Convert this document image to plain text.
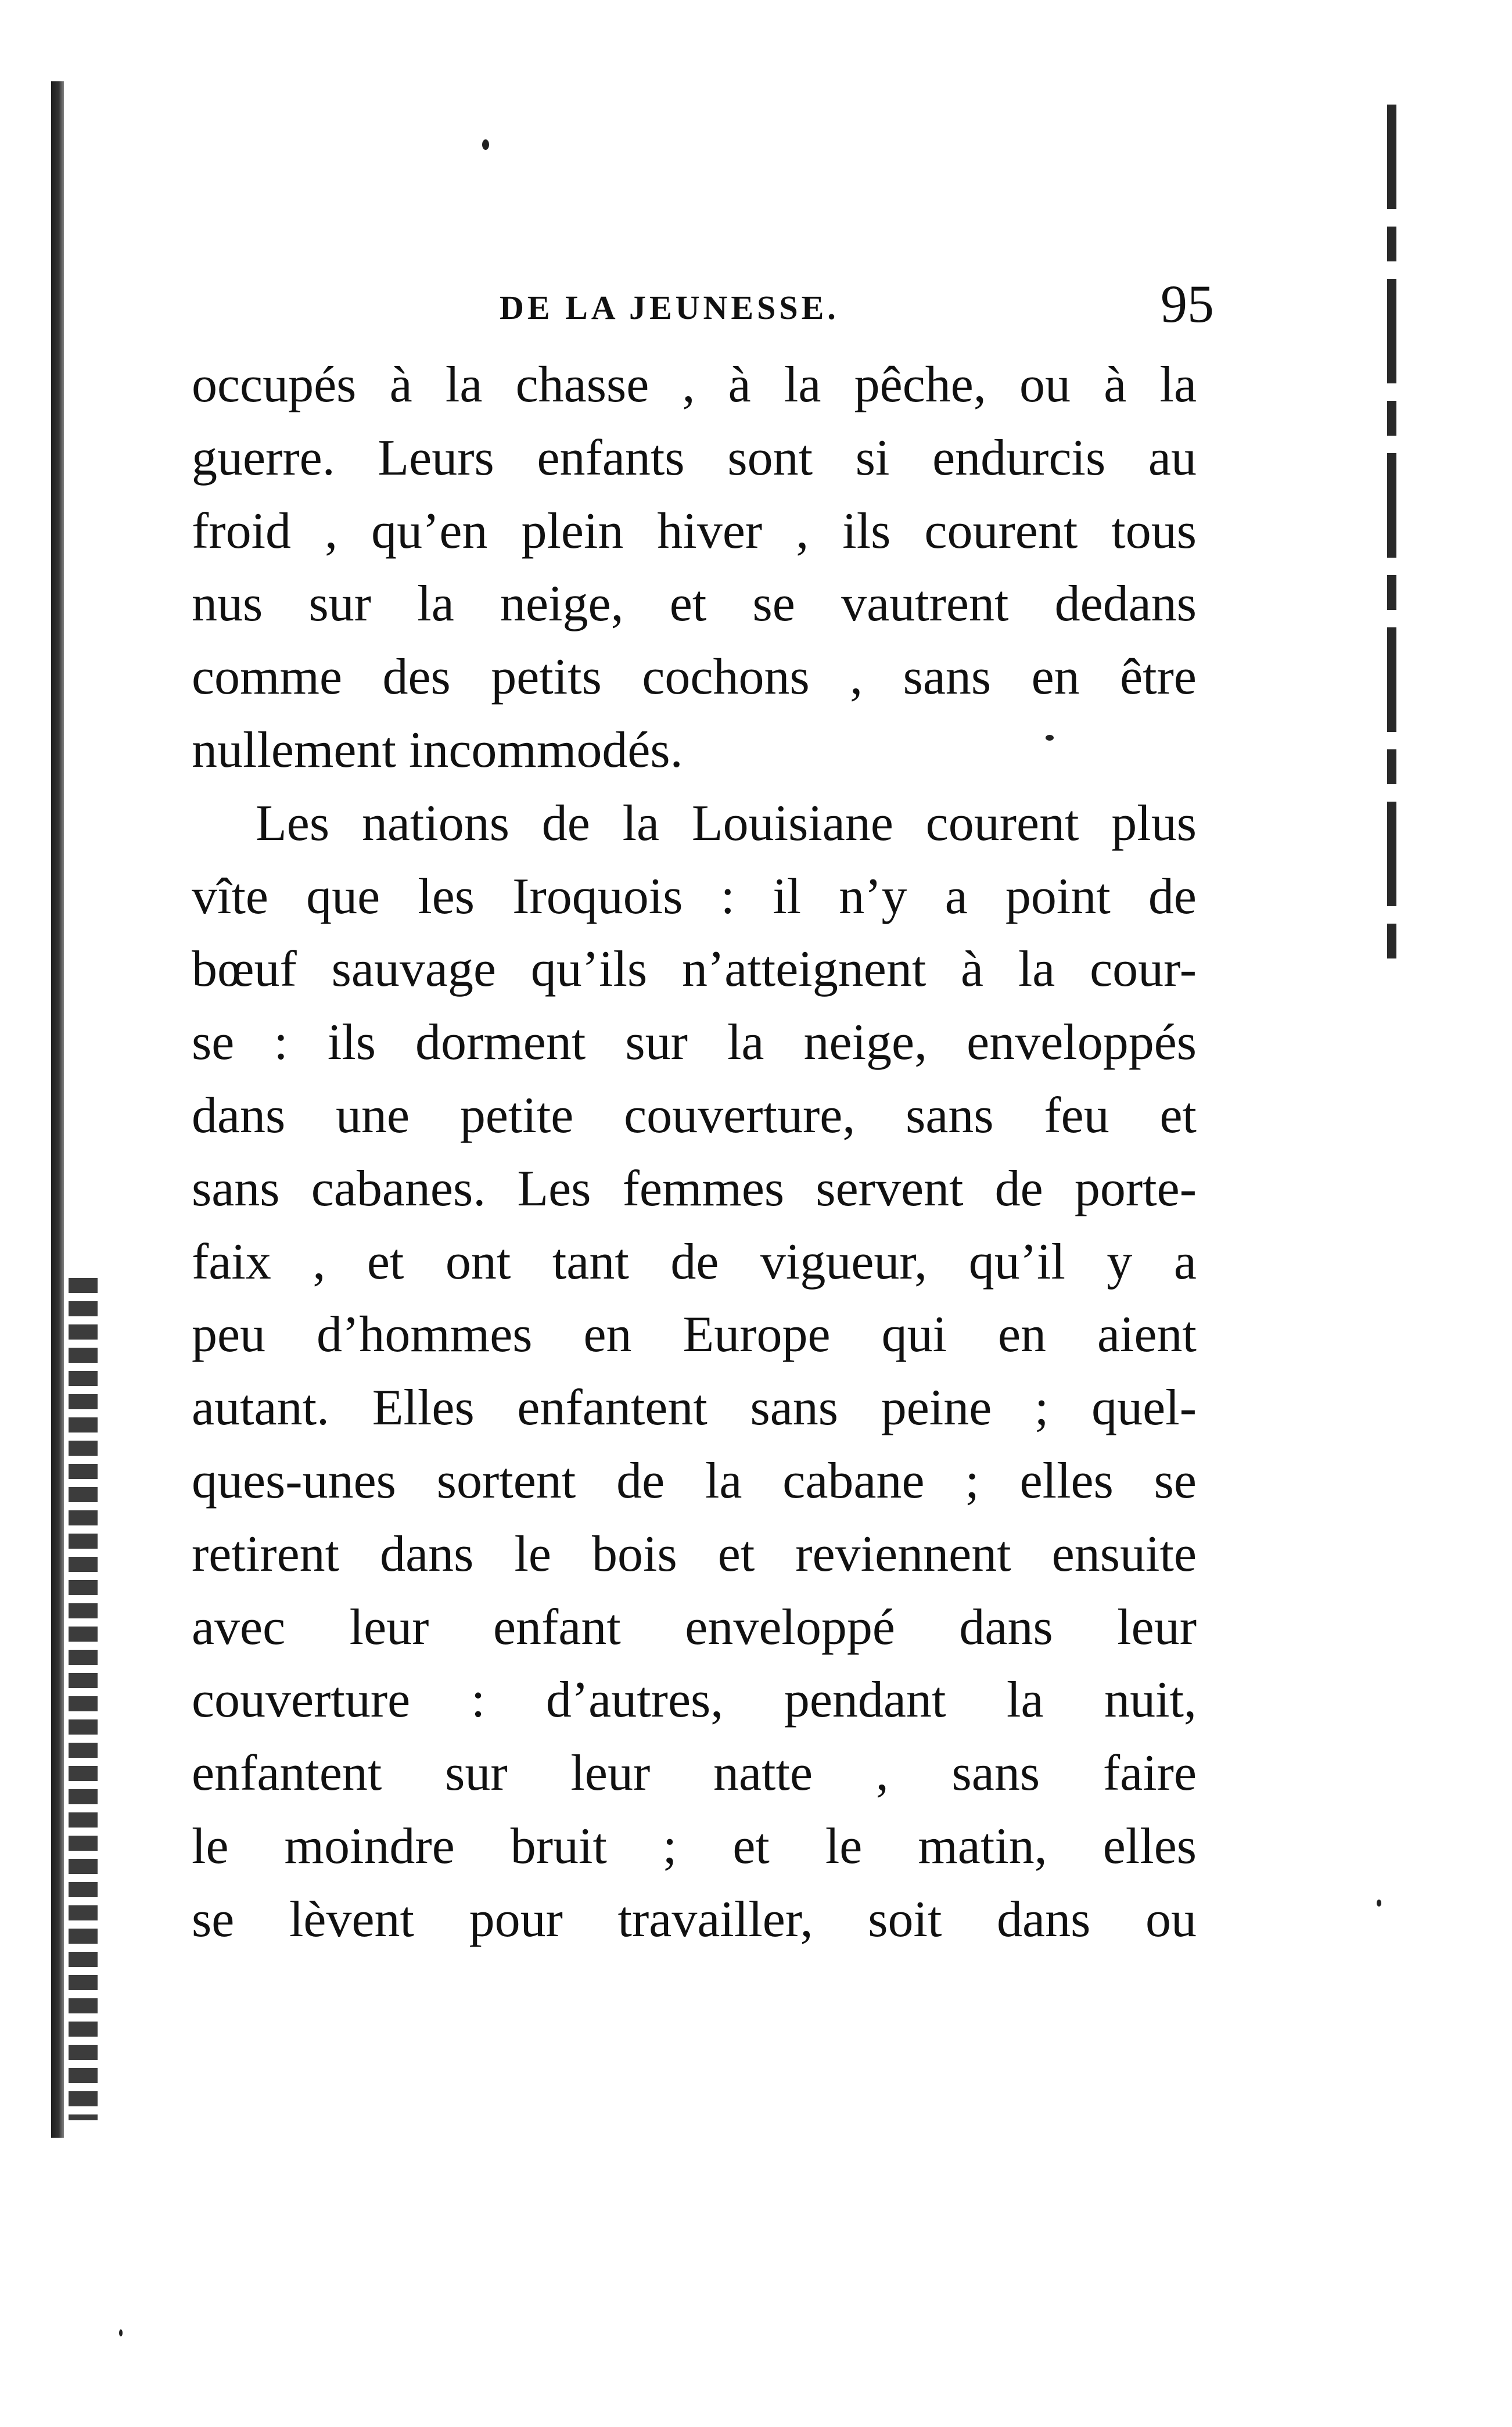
DE LA JEUNESSE.	95
occupés à la chasse , à la pêche, ou à la
guerre. Leurs enfants sont si endurcis au
froid , qu’en plein hiver , ils courent tous
nus sur la neige, et se vautrent dedans
comme des petits cochons , sans en être
nullement incommodés.
Les nations de la Louisiane courent plus
vîte que les Iroquois : il n’y a point de
bœuf sauvage qu’ils n’atteignent à la cour-
se : ils dorment sur la neige, enveloppés
dans une petite couverture, sans feu et
sans cabanes. Les femmes servent de porte-
faix , et ont tant de vigueur, qu’il y a
peu d’hommes en Europe qui en aient
autant. Elles enfantent sans peine ; quel-
ques-unes sortent de la cabane ; elles se
retirent dans le bois et reviennent ensuite
avec leur enfant enveloppé dans leur
couverture : d’autres, pendant la nuit,
enfantent sur leur natte , sans faire
le moindre bruit ; et le matin, elles
se lèvent pour travailler, soit dans ou
